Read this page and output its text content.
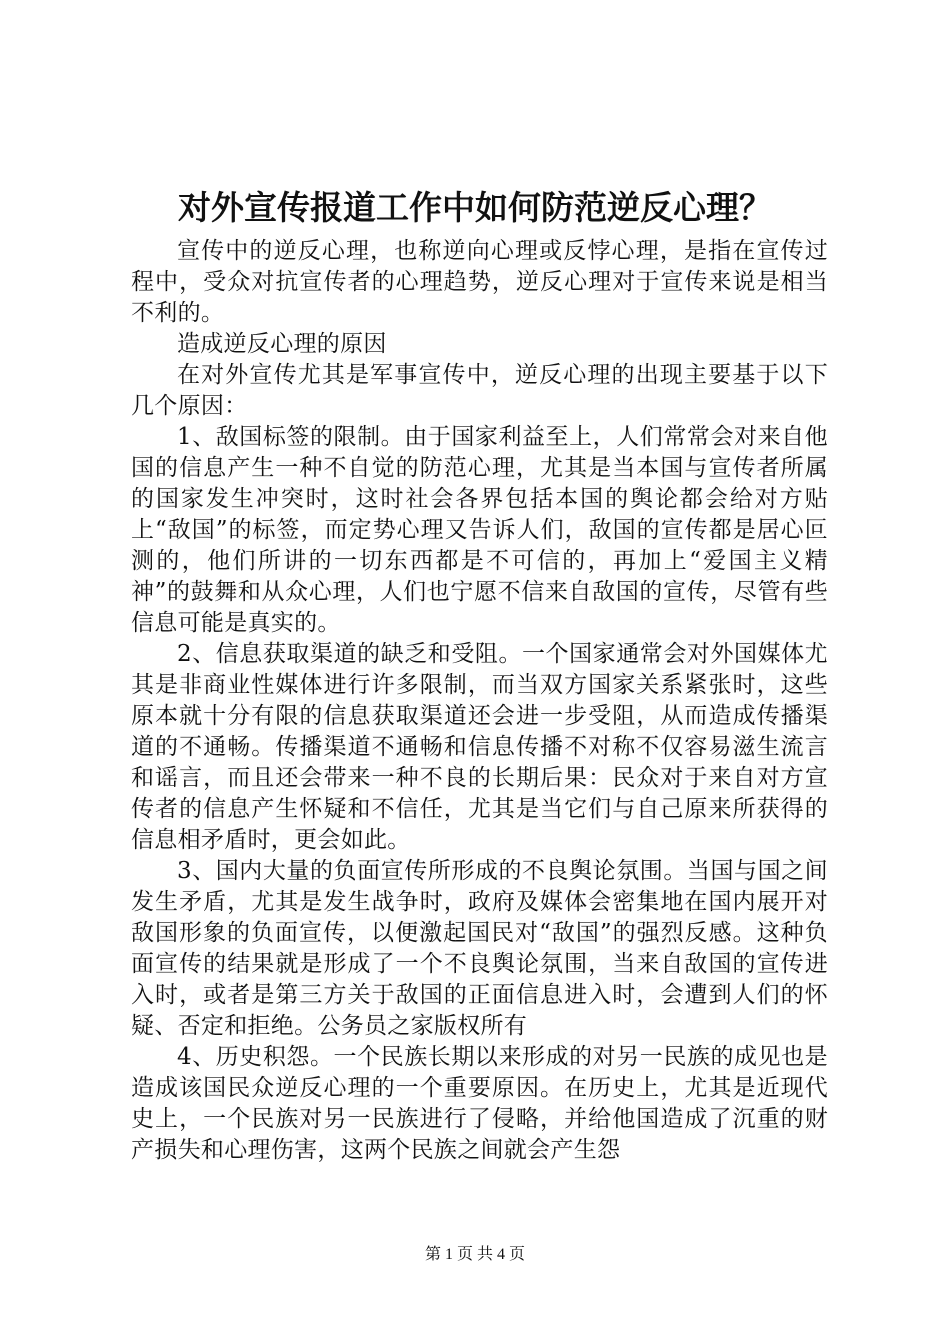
对外宣传报道工作中如何防范逆反心理？

宣传中的逆反心理，也称逆向心理或反悖心理，是指在宣传过程中，受众对抗宣传者的心理趋势，逆反心理对于宣传来说是相当不利的。

造成逆反心理的原因

在对外宣传尤其是军事宣传中，逆反心理的出现主要基于以下几个原因：

1、敌国标签的限制。由于国家利益至上，人们常常会对来自他国的信息产生一种不自觉的防范心理，尤其是当本国与宣传者所属的国家发生冲突时，这时社会各界包括本国的舆论都会给对方贴上“敌国”的标签，而定势心理又告诉人们，敌国的宣传都是居心叵测的，他们所讲的一切东西都是不可信的，再加上“爱国主义精神”的鼓舞和从众心理，人们也宁愿不信来自敌国的宣传，尽管有些信息可能是真实的。

2、信息获取渠道的缺乏和受阻。一个国家通常会对外国媒体尤其是非商业性媒体进行许多限制，而当双方国家关系紧张时，这些原本就十分有限的信息获取渠道还会进一步受阻，从而造成传播渠道的不通畅。传播渠道不通畅和信息传播不对称不仅容易滋生流言和谣言，而且还会带来一种不良的长期后果：民众对于来自对方宣传者的信息产生怀疑和不信任，尤其是当它们与自己原来所获得的信息相矛盾时，更会如此。

3、国内大量的负面宣传所形成的不良舆论氛围。当国与国之间发生矛盾，尤其是发生战争时，政府及媒体会密集地在国内展开对敌国形象的负面宣传，以便激起国民对“敌国”的强烈反感。这种负面宣传的结果就是形成了一个不良舆论氛围，当来自敌国的宣传进入时，或者是第三方关于敌国的正面信息进入时，会遭到人们的怀疑、否定和拒绝。公务员之家版权所有

4、历史积怨。一个民族长期以来形成的对另一民族的成见也是造成该国民众逆反心理的一个重要原因。在历史上，尤其是近现代史上，一个民族对另一民族进行了侵略，并给他国造成了沉重的财产损失和心理伤害，这两个民族之间就会产生怨

第 1 页 共 4 页
